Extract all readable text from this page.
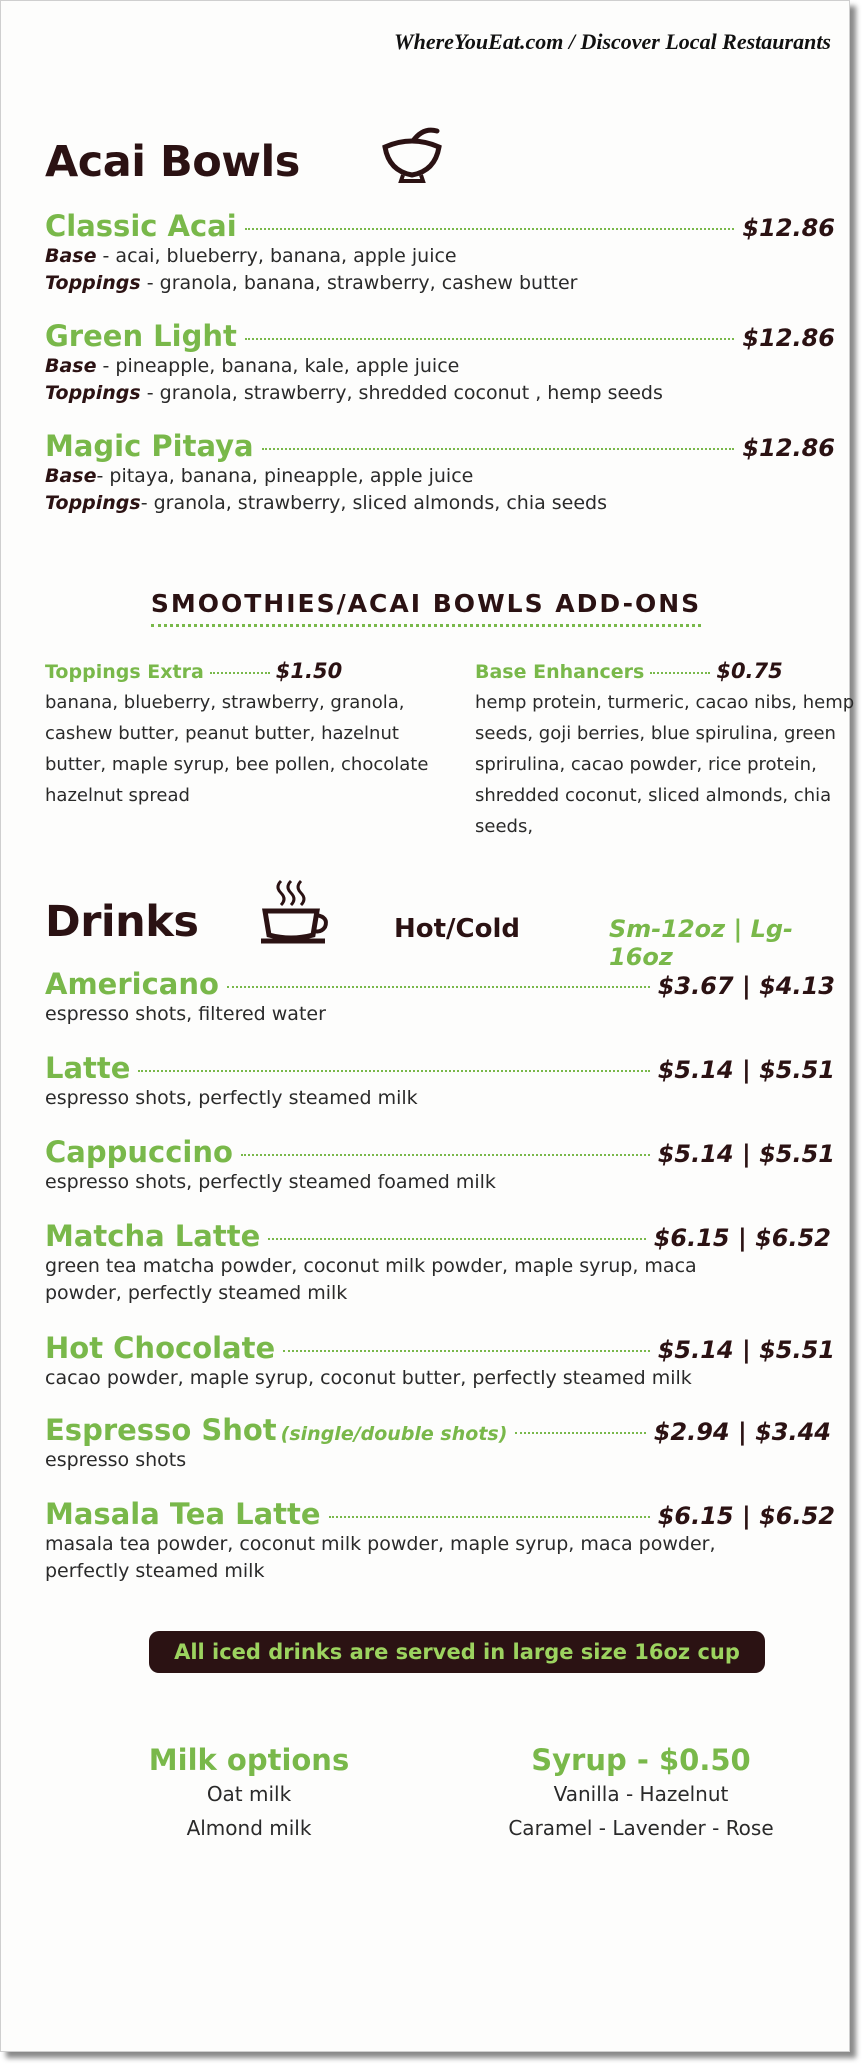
WhereYouEat.com / Discover Local Restaurants
Acai Bowls
Classic Acai	$12.86
Base - acai, blueberry, banana, apple juice
Toppings - granola, banana, strawberry, cashew butter
Green Light	$12.86
Base - pineapple, banana, kale, apple juice
Toppings - granola, strawberry, shredded coconut , hemp seeds
Magic Pitaya	$12.86
Base- pitaya, banana, pineapple, apple juice
Toppings- granola, strawberry, sliced almonds, chia seeds
SMOOTHIES/ACAI BOWLS ADD-ONS
Toppings Extra	$1.50
banana, blueberry, strawberry, granola, cashew butter, peanut butter, hazelnut butter, maple syrup, bee pollen, chocolate hazelnut spread
Base Enhancers	$0.75
hemp protein, turmeric, cacao nibs, hemp seeds, goji berries, blue spirulina, green sprirulina, cacao powder, rice protein, shredded coconut, sliced almonds, chia seeds,
Drinks	Hot/Cold	Sm-12oz | Lg-16oz
Americano	$3.67 | $4.13
espresso shots, filtered water
Latte	$5.14 | $5.51
espresso shots, perfectly steamed milk
Cappuccino	$5.14 | $5.51
espresso shots, perfectly steamed foamed milk
Matcha Latte	$6.15 | $6.52
green tea matcha powder, coconut milk powder, maple syrup, maca powder, perfectly steamed milk
Hot Chocolate	$5.14 | $5.51
cacao powder, maple syrup, coconut butter, perfectly steamed milk
Espresso Shot (single/double shots)	$2.94 | $3.44
espresso shots
Masala Tea Latte	$6.15 | $6.52
masala tea powder, coconut milk powder, maple syrup, maca powder, perfectly steamed milk
All iced drinks are served in large size 16oz cup
Milk options
Oat milk
Almond milk
Syrup - $0.50
Vanilla - Hazelnut
Caramel - Lavender - Rose
